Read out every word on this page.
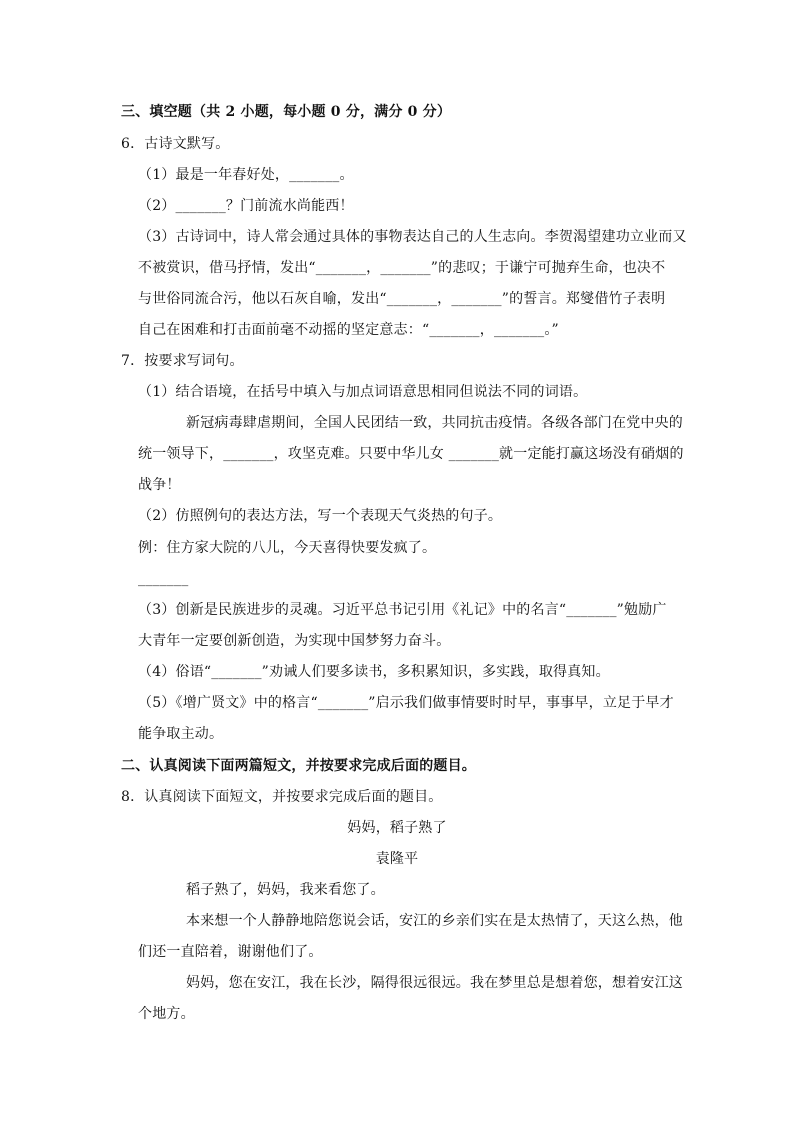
三、填空题（共 2 小题，每小题 0 分，满分 0 分）
6．古诗文默写。
（1）最是一年春好处，_______。
（2）_______？门前流水尚能西！
（3）古诗词中，诗人常会通过具体的事物表达自己的人生志向。李贺渴望建功立业而又
不被赏识，借马抒情，发出“_______，_______”的悲叹；于谦宁可抛弃生命，也决不
与世俗同流合污，他以石灰自喻，发出“_______，_______”的誓言。郑燮借竹子表明
自己在困难和打击面前毫不动摇的坚定意志：“_______，_______。”
7．按要求写词句。
（1）结合语境，在括号中填入与加点词语意思相同但说法不同的词语。
新冠病毒肆虐期间，全国人民团结一致，共同抗击疫情。各级各部门在党中央的
统一领导下，_______，攻坚克难。只要中华儿女 _______就一定能打赢这场没有硝烟的
战争！
（2）仿照例句的表达方法，写一个表现天气炎热的句子。
例：住方家大院的八儿，今天喜得快要发疯了。
_______
（3）创新是民族进步的灵魂。习近平总书记引用《礼记》中的名言“_______”勉励广
大青年一定要创新创造，为实现中国梦努力奋斗。
（4）俗语“_______”劝诫人们要多读书，多积累知识，多实践，取得真知。
（5）《增广贤文》中的格言“_______”启示我们做事情要时时早，事事早，立足于早才
能争取主动。
二、认真阅读下面两篇短文，并按要求完成后面的题目。
8．认真阅读下面短文，并按要求完成后面的题目。
妈妈，稻子熟了
袁隆平
稻子熟了，妈妈，我来看您了。
本来想一个人静静地陪您说会话，安江的乡亲们实在是太热情了，天这么热，他
们还一直陪着，谢谢他们了。
妈妈，您在安江，我在长沙，隔得很远很远。我在梦里总是想着您，想着安江这
个地方。
